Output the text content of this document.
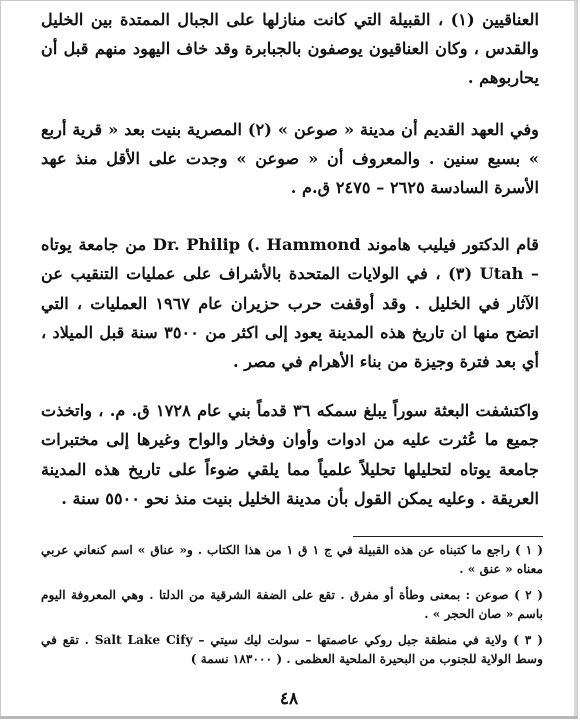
العناقيين (١) ، القبيلة التي كانت منازلها على الجبال الممتدة بين الخليل والقدس ، وكان العناقيون يوصفون بالجبابرة وقد خاف اليهود منهم قبل أن يحاربوهم .

وفي العهد القديم أن مدينة « صوعن » (٢) المصرية بنيت بعد « قرية أربع » بسبع سنين . والمعروف أن « صوعن » وجدت على الأقل منذ عهد الأسرة السادسة ٢٦٢٥ – ٢٤٧٥ ق.م .

قام الدكتور فيليب هاموند Dr. Philip (. Hammond من جامعة يوتاه – Utah (٣) ، في الولايات المتحدة بالأشراف على عمليات التنقيب عن الآثار في الخليل . وقد أوقفت حرب حزيران عام ١٩٦٧ العمليات ، التي اتضح منها ان تاريخ هذه المدينة يعود إلى اكثر من ٣٥٠٠ سنة قبل الميلاد ، أي بعد فترة وجيزة من بناء الأهرام في مصر .

واكتشفت البعثة سوراً يبلغ سمكه ٣٦ قدماً بني عام ١٧٢٨ ق. م. ، واتخذت جميع ما عُثرت عليه من ادوات وأوان وفخار والواح وغيرها إلى مختبرات جامعة يوتاه لتحليلها تحليلاً علمياً مما يلقي ضوءاً على تاريخ هذه المدينة العريقة . وعليه يمكن القول بأن مدينة الخليل بنيت منذ نحو ٥٥٠٠ سنة .

( ١ ) راجع ما كتبناه عن هذه القبيلة في ج ١ ق ١ من هذا الكتاب . و« عناق » اسم كنعاني عربي معناه « عنق » .

( ٢ ) صوعن : بمعنى وطأة أو مفرق . تقع على الضفة الشرقية من الدلتا . وهي المعروفة اليوم باسم « صان الحجر » .

( ٣ ) ولاية في منطقة جبل روكي عاصمتها – سولت ليك سيتي – Salt Lake Cify . تقع في وسط الولاية للجنوب من البحيرة الملحية العظمى . ( ١٨٣٠٠٠ نسمة )

٤٨
